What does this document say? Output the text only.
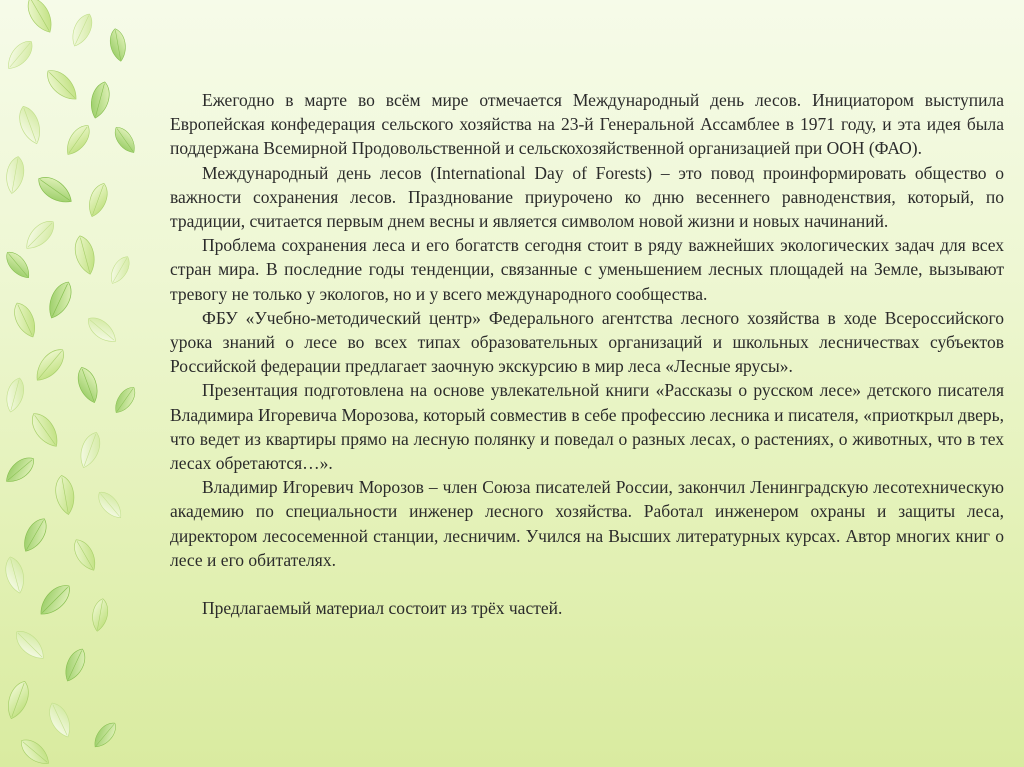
Ежегодно в марте во всём мире отмечается Международный день лесов. Инициатором выступила Европейская конфедерация сельского хозяйства на 23-й Генеральной Ассамблее в 1971 году, и эта идея была поддержана Всемирной Продовольственной и сельскохозяйственной организацией при ООН (ФАО).

Международный день лесов (International Day of Forests) – это повод проинформировать общество о важности сохранения лесов. Празднование приурочено ко дню весеннего равноденствия, который, по традиции, считается первым днем весны и является символом новой жизни и новых начинаний.

Проблема сохранения леса и его богатств сегодня стоит в ряду важнейших экологических задач для всех стран мира. В последние годы тенденции, связанные с уменьшением лесных площадей на Земле, вызывают тревогу не только у экологов, но и у всего международного сообщества.

ФБУ «Учебно-методический центр» Федерального агентства лесного хозяйства в ходе Всероссийского урока знаний о лесе во всех типах образовательных организаций и школьных лесничествах субъектов Российской федерации предлагает заочную экскурсию в мир леса «Лесные ярусы».

Презентация подготовлена на основе увлекательной книги «Рассказы о русском лесе» детского писателя Владимира Игоревича Морозова, который совместив в себе профессию лесника и писателя, «приоткрыл дверь, что ведет из квартиры прямо на лесную полянку и поведал о разных лесах, о растениях, о животных, что в тех лесах обретаются…».

Владимир Игоревич Морозов – член Союза писателей России, закончил Ленинградскую лесотехническую академию по специальности инженер лесного хозяйства. Работал инженером охраны и защиты леса, директором лесосеменной станции, лесничим. Учился на Высших литературных курсах. Автор многих книг о лесе и его обитателях.

Предлагаемый материал состоит из трёх частей.
